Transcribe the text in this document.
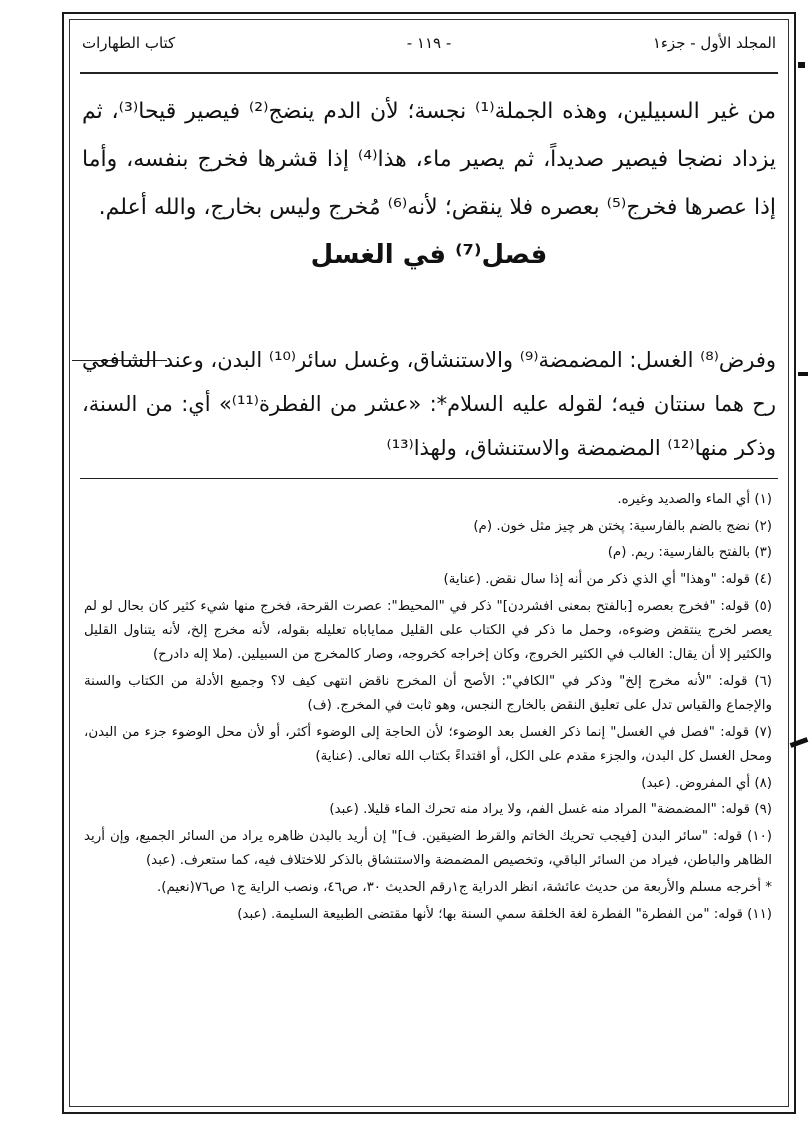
المجلد الأول - جزء١
- ١١٩ -
كتاب الطهارات

من غير السبيلين، وهذه الجملة⁽¹⁾ نجسة؛ لأن الدم ينضج⁽²⁾ فيصير قيحا⁽³⁾، ثم يزداد نضجا فيصير صديداً، ثم يصير ماء، هذا⁽⁴⁾ إذا قشرها فخرج بنفسه، وأما إذا عصرها فخرج⁽⁵⁾ بعصره فلا ينقض؛ لأنه⁽⁶⁾ مُخرج وليس بخارج، والله أعلم.

فصل⁽⁷⁾ في الغسل

وفرض⁽⁸⁾ الغسل: المضمضة⁽⁹⁾ والاستنشاق، وغسل سائر⁽¹⁰⁾ البدن، وعند الشافعي رح هما سنتان فيه؛ لقوله عليه السلام*: «عشر من الفطرة⁽¹¹⁾» أي: من السنة، وذكر منها⁽¹²⁾ المضمضة والاستنشاق، ولهذا⁽¹³⁾

(١) أي الماء والصديد وغيره.

(٢) نضج بالضم بالفارسية: پختن هر چيز مثل خون. (م)

(٣) بالفتح بالفارسية: ريم. (م)

(٤) قوله: "وهذا" أي الذي ذكر من أنه إذا سال نقض. (عناية)

(٥) قوله: "فخرج بعصره [بالفتح بمعنى افشردن]" ذكر في "المحيط": عصرت القرحة، فخرج منها شيء كثير كان بحال لو لم يعصر لخرج ينتقض وضوءه، وحمل ما ذكر في الكتاب على القليل مماياباه تعليله بقوله، لأنه مخرج إلخ، لأنه يتناول القليل والكثير إلا أن يقال: الغالب في الكثير الخروج، وكان إخراجه كخروجه، وصار كالمخرج من السبيلين. (ملا إله دادرح)

(٦) قوله: "لأنه مخرج إلخ" وذكر في "الكافي": الأصح أن المخرج ناقض انتهى كيف لا؟ وجميع الأدلة من الكتاب والسنة والإجماع والقياس تدل على تعليق النقض بالخارج النجس، وهو ثابت في المخرج. (ف)

(٧) قوله: "فصل في الغسل" إنما ذكر الغسل بعد الوضوء؛ لأن الحاجة إلى الوضوء أكثر، أو لأن محل الوضوء جزء من البدن، ومحل الغسل كل البدن، والجزء مقدم على الكل، أو اقتداءً بكتاب الله تعالى. (عناية)

(٨) أي المفروض. (عبد)

(٩) قوله: "المضمضة" المراد منه غسل الفم، ولا يراد منه تحرك الماء قليلا. (عبد)

(١٠) قوله: "سائر البدن [فيجب تحريك الخاتم والقرط الضيقين. ف]" إن أريد بالبدن ظاهره يراد من السائر الجميع، وإن أريد الظاهر والباطن، فيراد من السائر الباقي، وتخصيص المضمضة والاستنشاق بالذكر للاختلاف فيه، كما ستعرف. (عبد)

* أخرجه مسلم والأربعة من حديث عائشة، انظر الدراية ج١رقم الحديث ٣٠، ص٤٦، ونصب الراية ج١ ص٧٦(نعيم).

(١١) قوله: "من الفطرة" الفطرة لغة الخلقة سمي السنة بها؛ لأنها مقتضى الطبيعة السليمة. (عبد)
